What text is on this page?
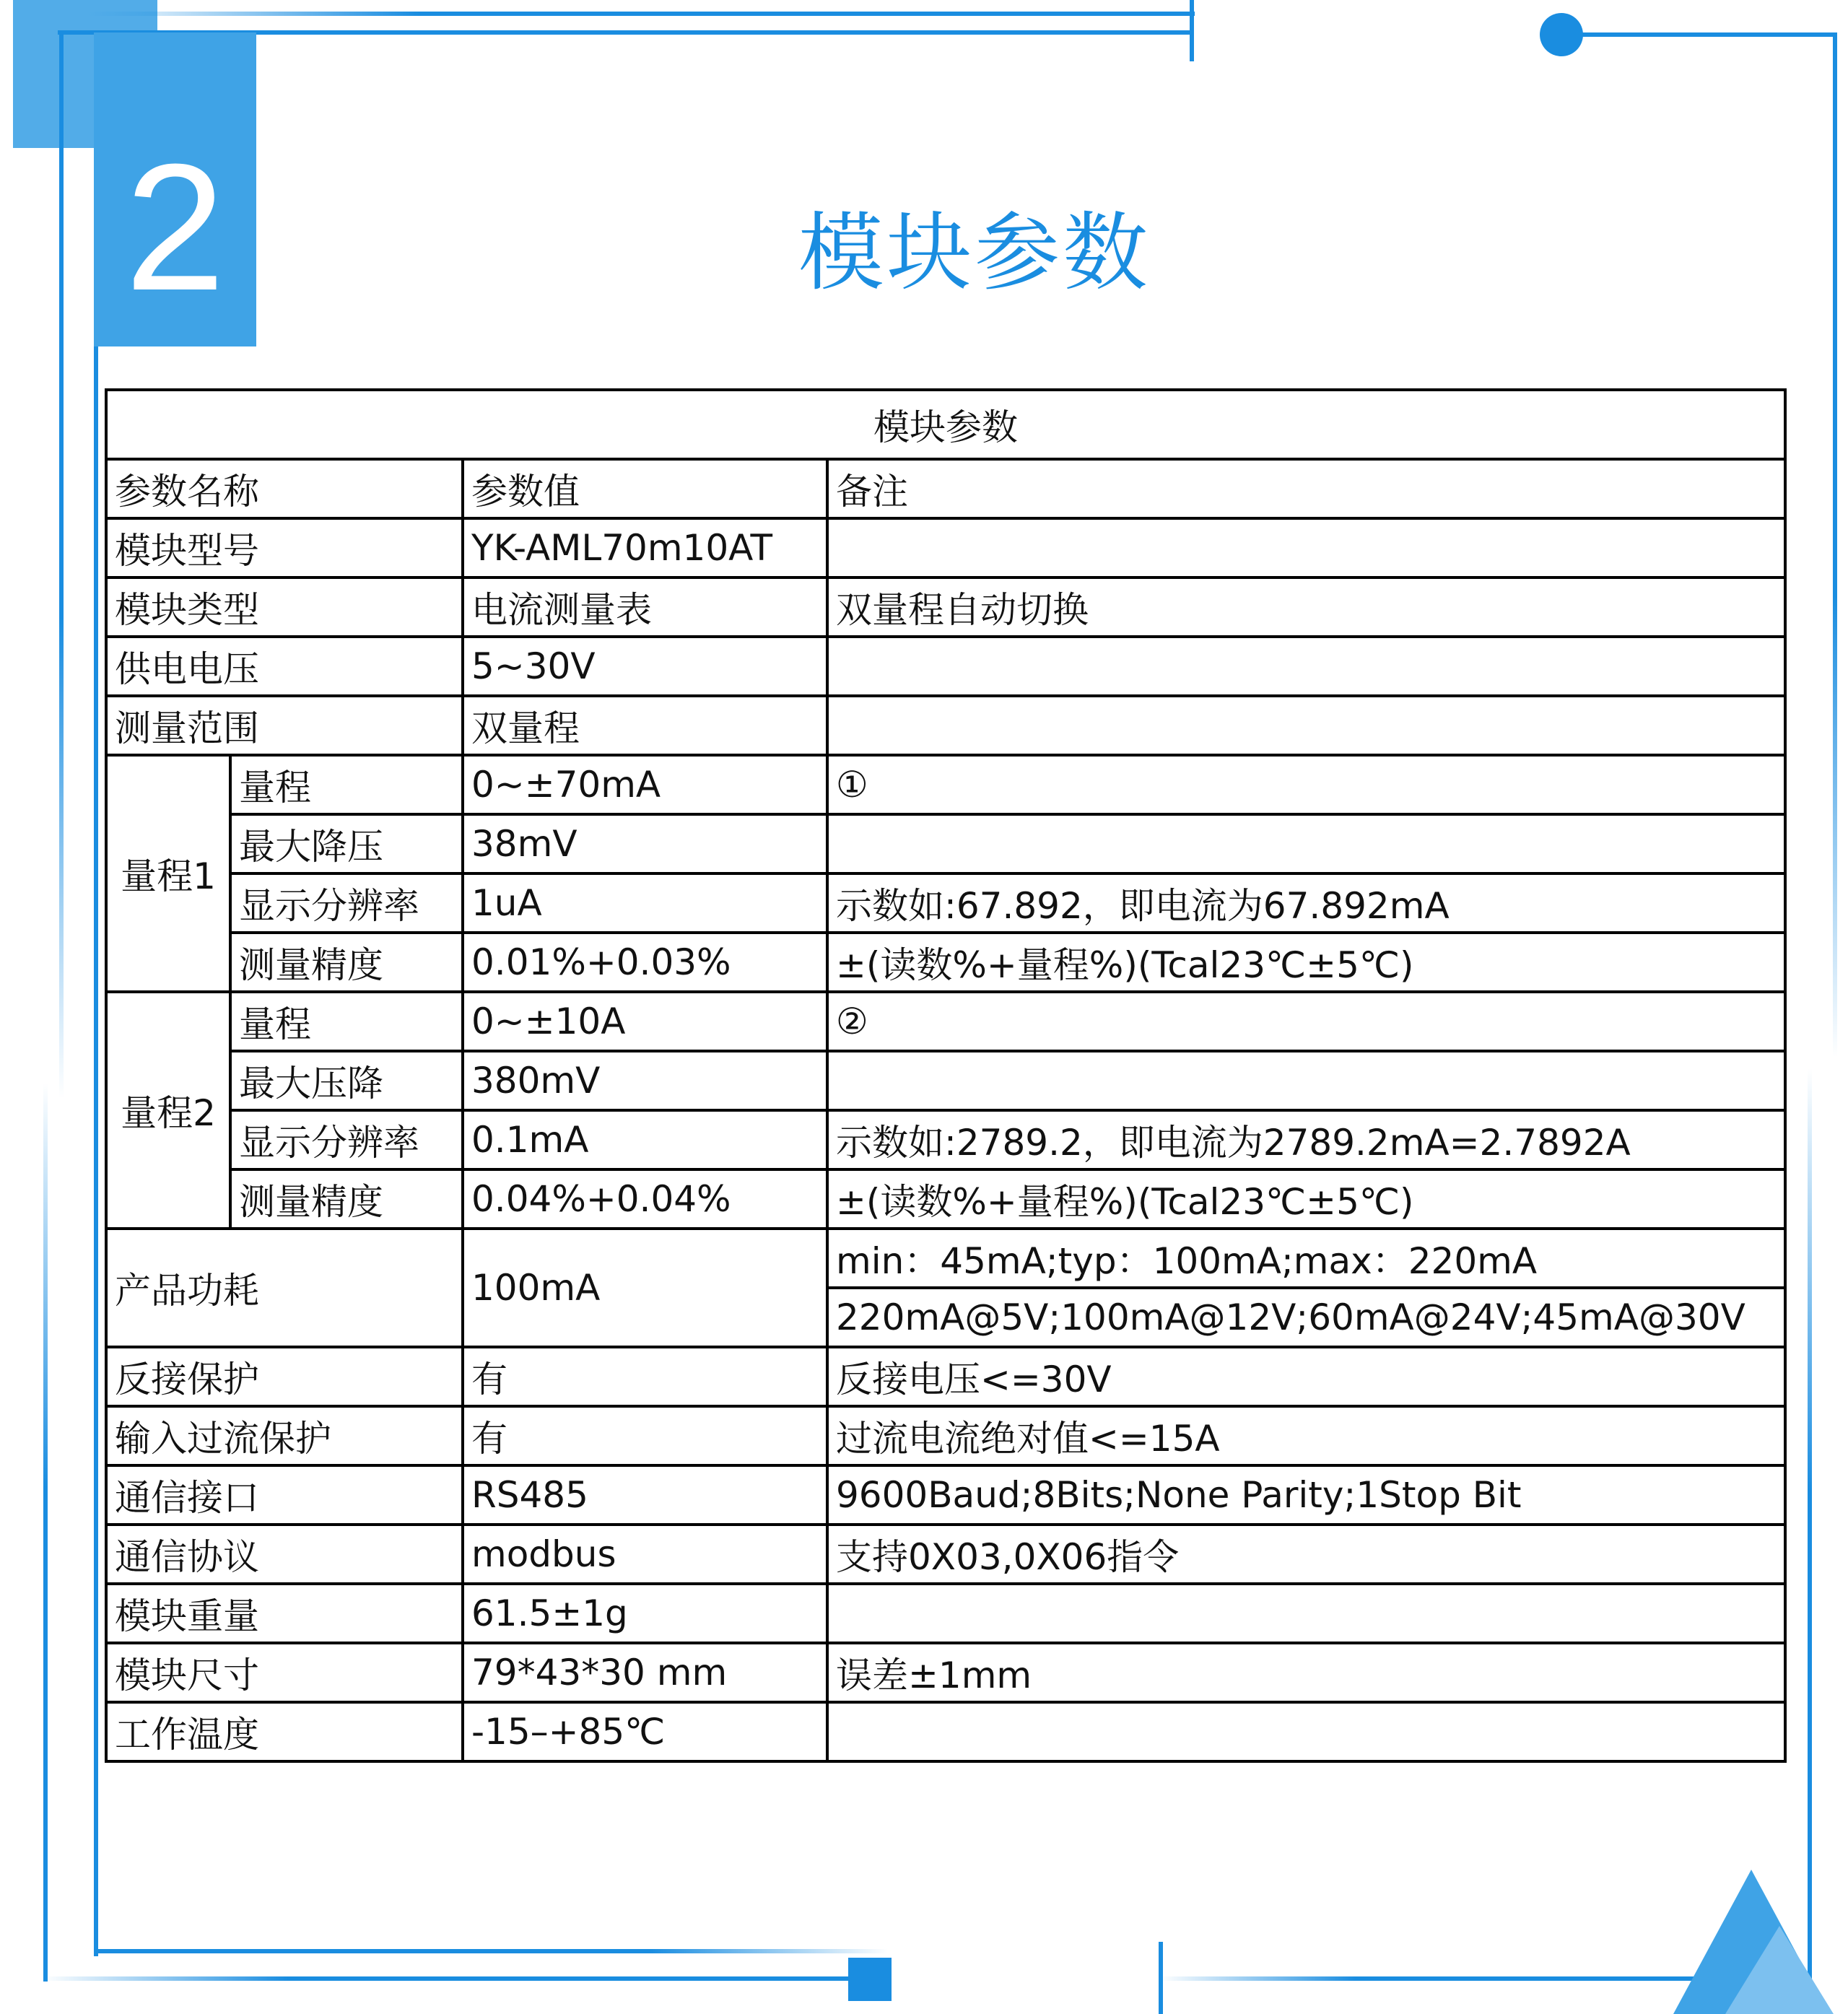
2	模块参数
模块参数			
参数名称		参数值	备注
模块型号		YK-AML70m10AT	
模块类型		电流测量表	双量程自动切换
供电电压		5~30V	
测量范围		双量程	
量程1	量程	0~±70mA	①
	最大降压	38mV	
	显示分辨率	1uA	示数如:67.892，即电流为67.892mA
	测量精度	0.01%+0.03%	±(读数%+量程%)(Tcal23℃±5℃)
量程2	量程	0~±10A	②
	最大压降	380mV	
	显示分辨率	0.1mA	示数如:2789.2，即电流为2789.2mA=2.7892A
	测量精度	0.04%+0.04%	±(读数%+量程%)(Tcal23℃±5℃)
产品功耗		100mA	min：45mA;typ：100mA;max：220mA
			220mA@5V;100mA@12V;60mA@24V;45mA@30V
反接保护		有	反接电压<=30V
输入过流保护		有	过流电流绝对值<=15A
通信接口		RS485	9600Baud;8Bits;None Parity;1Stop Bit
通信协议		modbus	支持0X03,0X06指令
模块重量		61.5±1g	
模块尺寸		79*43*30 mm	误差±1mm
工作温度		-15–+85℃	
